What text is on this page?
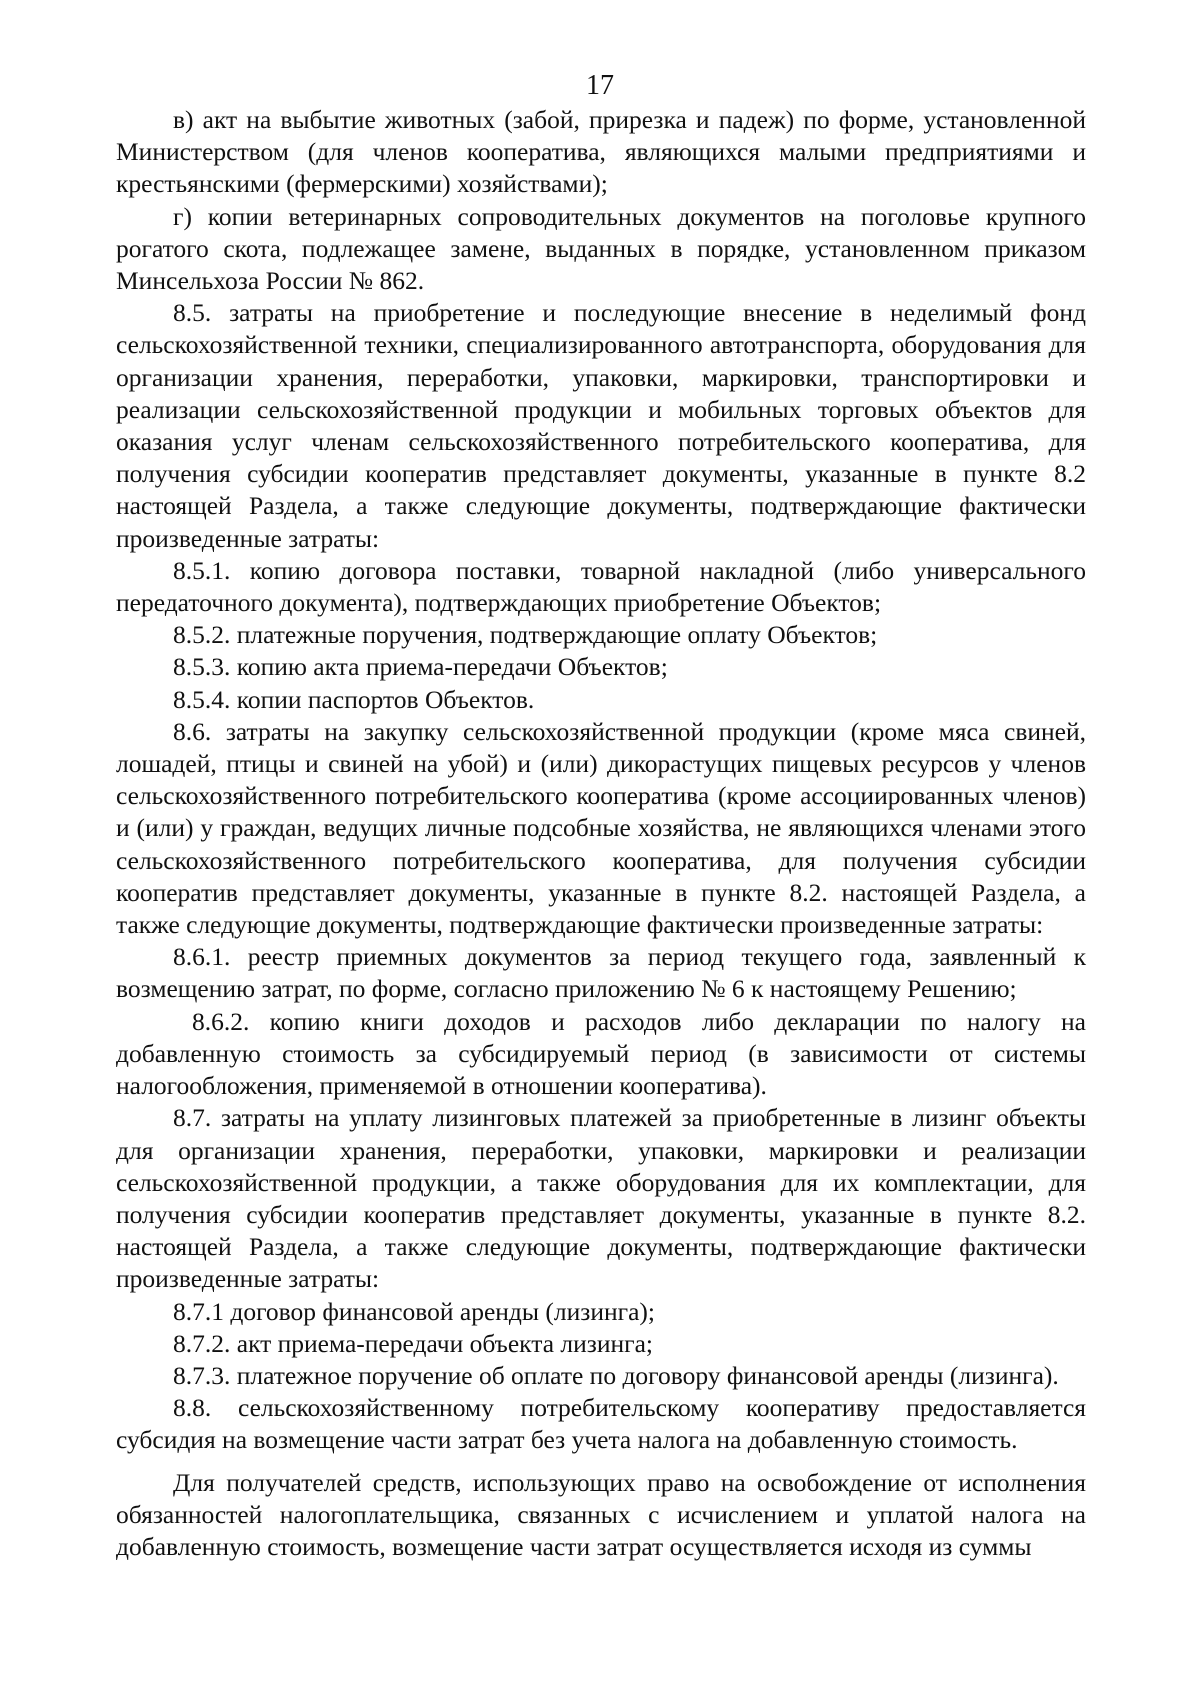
17

в) акт на выбытие животных (забой, прирезка и падеж) по форме, установленной Министерством (для членов кооператива, являющихся малыми предприятиями и крестьянскими (фермерскими) хозяйствами);

г) копии ветеринарных сопроводительных документов на поголовье крупного рогатого скота, подлежащее замене, выданных в порядке, установленном приказом Минсельхоза России № 862.

8.5. затраты на приобретение и последующие внесение в неделимый фонд сельскохозяйственной техники, специализированного автотранспорта, оборудования для организации хранения, переработки, упаковки, маркировки, транспортировки и реализации сельскохозяйственной продукции и мобильных торговых объектов для оказания услуг членам сельскохозяйственного потребительского кооператива, для получения субсидии кооператив представляет документы, указанные в пункте 8.2 настоящей Раздела, а также следующие документы, подтверждающие фактически произведенные затраты:

8.5.1. копию договора поставки, товарной накладной (либо универсального передаточного документа), подтверждающих приобретение Объектов;

8.5.2. платежные поручения, подтверждающие оплату Объектов;

8.5.3. копию акта приема-передачи Объектов;

8.5.4. копии паспортов Объектов.

8.6. затраты на закупку сельскохозяйственной продукции (кроме мяса свиней, лошадей, птицы и свиней на убой) и (или) дикорастущих пищевых ресурсов у членов сельскохозяйственного потребительского кооператива (кроме ассоциированных членов) и (или) у граждан, ведущих личные подсобные хозяйства, не являющихся членами этого сельскохозяйственного потребительского кооператива, для получения субсидии кооператив представляет документы, указанные в пункте 8.2. настоящей Раздела, а также следующие документы, подтверждающие фактически произведенные затраты:

8.6.1. реестр приемных документов за период текущего года, заявленный к возмещению затрат, по форме, согласно приложению № 6 к настоящему Решению;

8.6.2. копию книги доходов и расходов либо декларации по налогу на добавленную стоимость за субсидируемый период (в зависимости от системы налогообложения, применяемой в отношении кооператива).

8.7. затраты на уплату лизинговых платежей за приобретенные в лизинг объекты для организации хранения, переработки, упаковки, маркировки и реализации сельскохозяйственной продукции, а также оборудования для их комплектации, для получения субсидии кооператив представляет документы, указанные в пункте 8.2. настоящей Раздела, а также следующие документы, подтверждающие фактически произведенные затраты:

8.7.1 договор финансовой аренды (лизинга);

8.7.2. акт приема-передачи объекта лизинга;

8.7.3. платежное поручение об оплате по договору финансовой аренды (лизинга).

8.8. сельскохозяйственному потребительскому кооперативу предоставляется субсидия на возмещение части затрат без учета налога на добавленную стоимость.

Для получателей средств, использующих право на освобождение от исполнения обязанностей налогоплательщика, связанных с исчислением и уплатой налога на добавленную стоимость, возмещение части затрат осуществляется исходя из суммы
